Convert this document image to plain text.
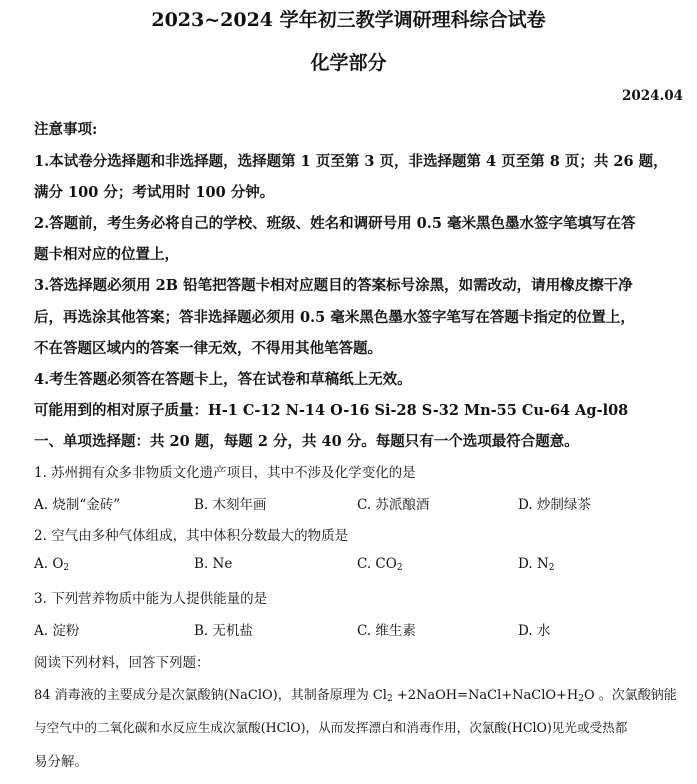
2023~2024 学年初三教学调研理科综合试卷
化学部分
2024.04
注意事项:
1.本试卷分选择题和非选择题，选择题第 1 页至第 3 页，非选择题第 4 页至第 8 页；共 26 题，
满分 100 分；考试用时 100 分钟。
2.答题前，考生务必将自己的学校、班级、姓名和调研号用 0.5 毫米黑色墨水签字笔填写在答
题卡相对应的位置上，
3.答选择题必须用 2B 铅笔把答题卡相对应题目的答案标号涂黑，如需改动，请用橡皮擦干净
后，再选涂其他答案；答非选择题必须用 0.5 毫米黑色墨水签字笔写在答题卡指定的位置上，
不在答题区域内的答案一律无效，不得用其他笔答题。
4.考生答题必须答在答题卡上，答在试卷和草稿纸上无效。
可能用到的相对原子质量：H-1 C-12 N-14 O-16 Si-28 S-32 Mn-55 Cu-64 Ag-l08
一、单项选择题：共 20 题，每题 2 分，共 40 分。每题只有一个选项最符合题意。
1. 苏州拥有众多非物质文化遗产项目，其中不涉及化学变化的是
A. 烧制“金砖”	B. 木刻年画	C. 苏派酿酒	D. 炒制绿茶
2. 空气由多种气体组成，其中体积分数最大的物质是
A. $O_2$	B. Ne	C. $CO_2$	D. $N_2$
3. 下列营养物质中能为人提供能量的是
A. 淀粉	B. 无机盐	C. 维生素	D. 水
阅读下列材料，回答下列题：
84 消毒液的主要成分是次氯酸钠(NaClO)，其制备原理为 $Cl_2$ $+2NaOH=NaCl+NaClO+H_2O$ 。次氯酸钠能
与空气中的二氧化碳和水反应生成次氯酸(HClO)，从而发挥漂白和消毒作用，次氯酸(HClO)见光或受热都
易分解。
